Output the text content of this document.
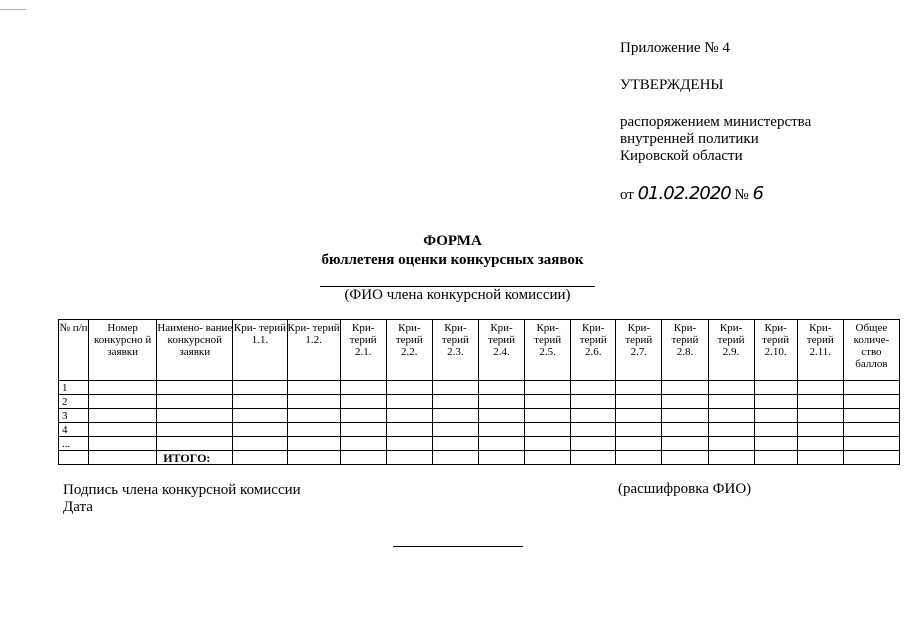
Приложение № 4

УТВЕРЖДЕНЫ

распоряжением министерства

внутренней политики

Кировской области

от 01.02.2020 № 6

ФОРМА
бюллетеня оценки конкурсных заявок
(ФИО члена конкурсной комиссии)
№ п/п	Номер конкурсно й заявки	Наимено- вание конкурсной заявки	Кри- терий 1.1.	Кри- терий 1.2.	Кри- терий 2.1.	Кри- терий 2.2.	Кри- терий 2.3.	Кри- терий 2.4.	Кри- терий 2.5.	Кри- терий 2.6.	Кри- терий 2.7.	Кри- терий 2.8.	Кри- терий 2.9.	Кри- терий 2.10.	Кри- терий 2.11.	Общее количе- ство баллов
1																
2																
3																
4																
...																
		ИТОГО:														
Подпись члена конкурсной комиссии
Дата
(расшифровка ФИО)
